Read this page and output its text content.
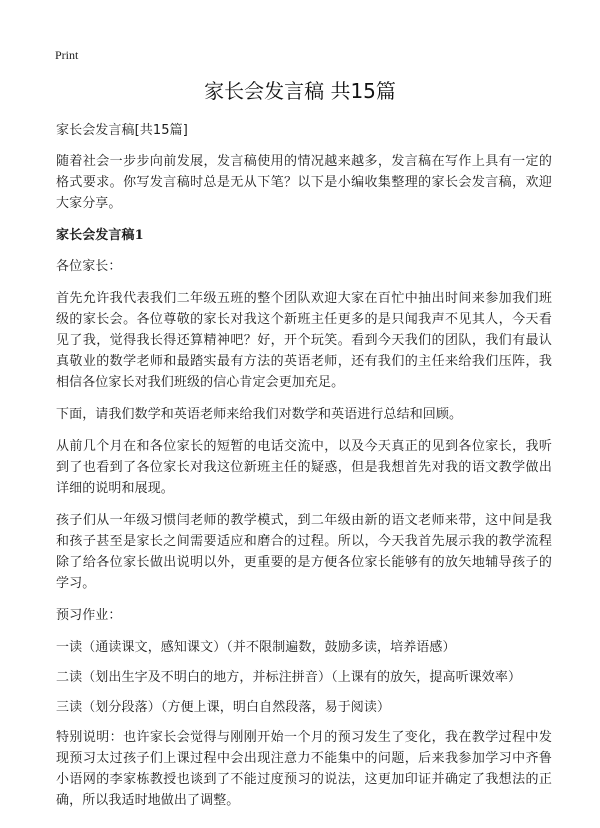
Print
家长会发言稿 共15篇

家长会发言稿[共15篇]

随着社会一步步向前发展，发言稿使用的情况越来越多，发言稿在写作上具有一定的格式要求。你写发言稿时总是无从下笔？以下是小编收集整理的家长会发言稿，欢迎大家分享。

家长会发言稿1

各位家长：

首先允许我代表我们二年级五班的整个团队欢迎大家在百忙中抽出时间来参加我们班级的家长会。各位尊敬的家长对我这个新班主任更多的是只闻我声不见其人，今天看见了我，觉得我长得还算精神吧？好，开个玩笑。看到今天我们的团队，我们有最认真敬业的数学老师和最踏实最有方法的英语老师，还有我们的主任来给我们压阵，我相信各位家长对我们班级的信心肯定会更加充足。

下面，请我们数学和英语老师来给我们对数学和英语进行总结和回顾。

从前几个月在和各位家长的短暂的电话交流中，以及今天真正的见到各位家长，我听到了也看到了各位家长对我这位新班主任的疑惑，但是我想首先对我的语文教学做出详细的说明和展现。

孩子们从一年级习惯闫老师的教学模式，到二年级由新的语文老师来带，这中间是我和孩子甚至是家长之间需要适应和磨合的过程。所以，今天我首先展示我的教学流程除了给各位家长做出说明以外，更重要的是方便各位家长能够有的放矢地辅导孩子的学习。

预习作业：

一读（通读课文，感知课文）（并不限制遍数，鼓励多读，培养语感）

二读（划出生字及不明白的地方，并标注拼音）（上课有的放矢，提高听课效率）

三读（划分段落）（方便上课，明白自然段落，易于阅读）

特别说明：也许家长会觉得与刚刚开始一个月的预习发生了变化，我在教学过程中发现预习太过孩子们上课过程中会出现注意力不能集中的问题，后来我参加学习中齐鲁小语网的李家栋教授也谈到了不能过度预习的说法，这更加印证并确定了我想法的正确，所以我适时地做出了调整。
